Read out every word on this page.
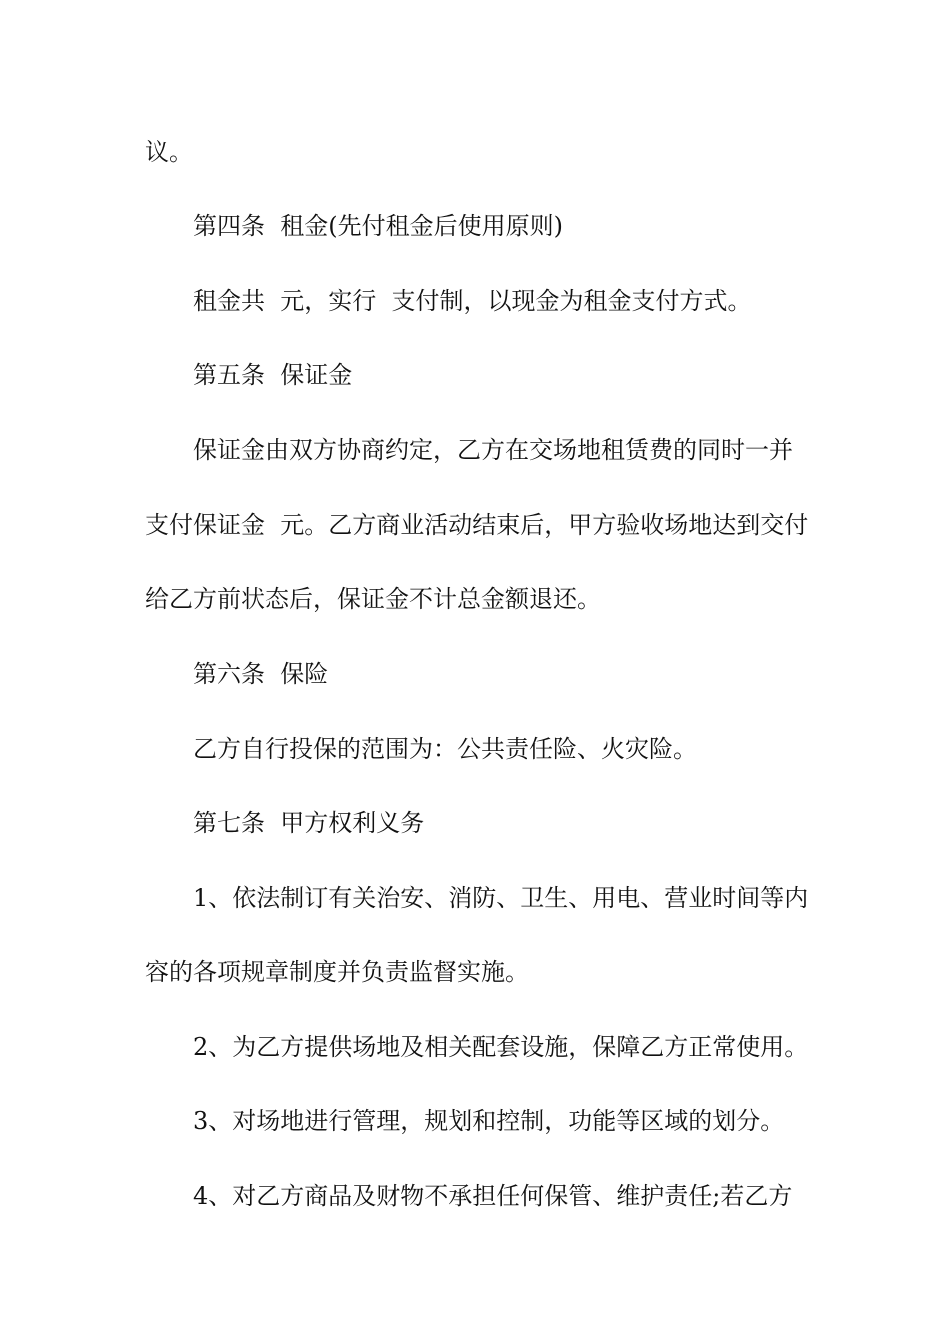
议。
第四条  租金(先付租金后使用原则)
租金共  元，实行  支付制，以现金为租金支付方式。
第五条  保证金
保证金由双方协商约定，乙方在交场地租赁费的同时一并
支付保证金  元。乙方商业活动结束后，甲方验收场地达到交付
给乙方前状态后，保证金不计总金额退还。
第六条  保险
乙方自行投保的范围为：公共责任险、火灾险。
第七条  甲方权利义务
1、依法制订有关治安、消防、卫生、用电、营业时间等内
容的各项规章制度并负责监督实施。
2、为乙方提供场地及相关配套设施，保障乙方正常使用。
3、对场地进行管理，规划和控制，功能等区域的划分。
4、对乙方商品及财物不承担任何保管、维护责任;若乙方
